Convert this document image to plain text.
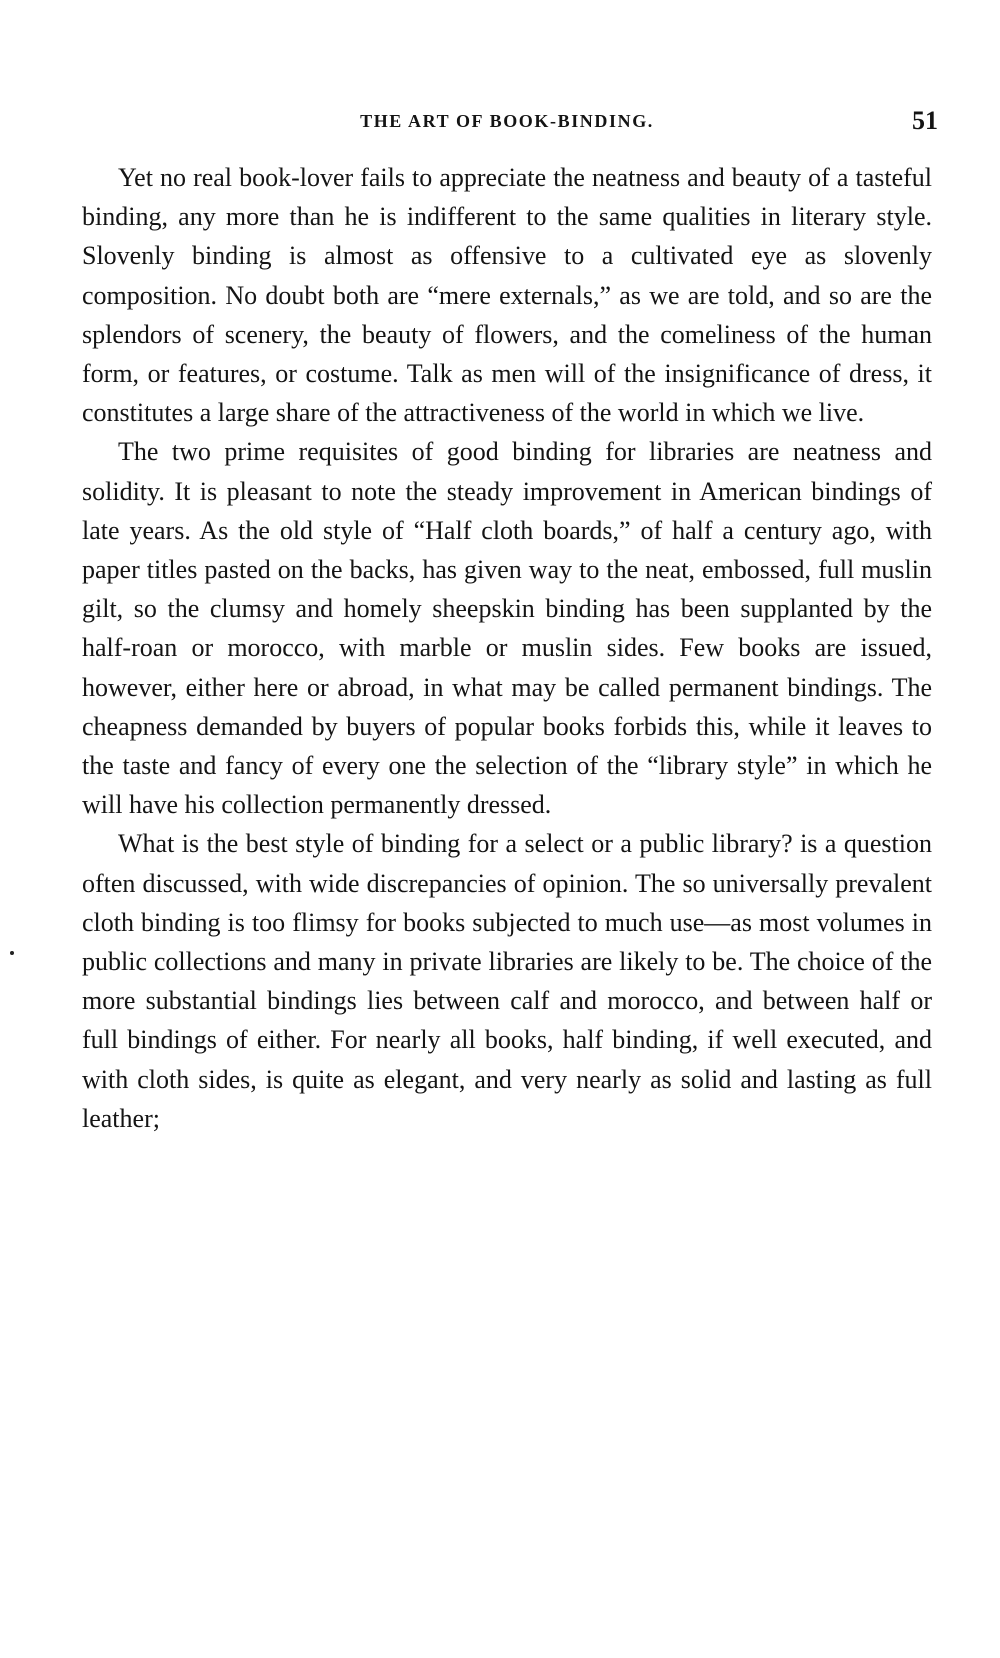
THE ART OF BOOK-BINDING.	51

Yet no real book-lover fails to appreciate the neatness and beauty of a tasteful binding, any more than he is indifferent to the same qualities in literary style. Slovenly binding is almost as offensive to a cultivated eye as slovenly composition. No doubt both are “mere externals,” as we are told, and so are the splendors of scenery, the beauty of flowers, and the comeliness of the human form, or features, or costume. Talk as men will of the insignificance of dress, it constitutes a large share of the attractiveness of the world in which we live.

The two prime requisites of good binding for libraries are neatness and solidity. It is pleasant to note the steady improvement in American bindings of late years. As the old style of “Half cloth boards,” of half a century ago, with paper titles pasted on the backs, has given way to the neat, embossed, full muslin gilt, so the clumsy and homely sheepskin binding has been supplanted by the half-roan or morocco, with marble or muslin sides. Few books are issued, however, either here or abroad, in what may be called permanent bindings. The cheapness demanded by buyers of popular books forbids this, while it leaves to the taste and fancy of every one the selection of the “library style” in which he will have his collection permanently dressed.

What is the best style of binding for a select or a public library? is a question often discussed, with wide discrepancies of opinion. The so universally prevalent cloth binding is too flimsy for books subjected to much use—as most volumes in public collections and many in private libraries are likely to be. The choice of the more substantial bindings lies between calf and morocco, and between half or full bindings of either. For nearly all books, half binding, if well executed, and with cloth sides, is quite as elegant, and very nearly as solid and lasting as full leather;
